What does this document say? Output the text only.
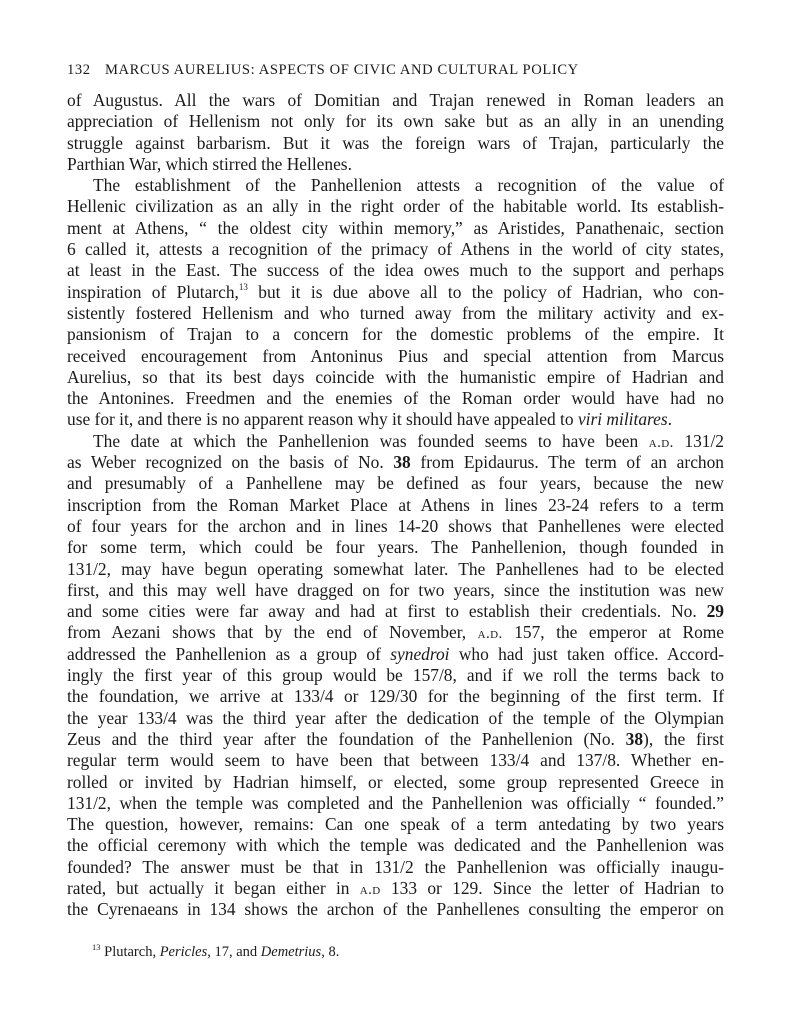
132 MARCUS AURELIUS: ASPECTS OF CIVIC AND CULTURAL POLICY
of Augustus. All the wars of Domitian and Trajan renewed in Roman leaders an
appreciation of Hellenism not only for its own sake but as an ally in an unending
struggle against barbarism. But it was the foreign wars of Trajan, particularly the
Parthian War, which stirred the Hellenes.
The establishment of the Panhellenion attests a recognition of the value of
Hellenic civilization as an ally in the right order of the habitable world. Its establish-
ment at Athens, “ the oldest city within memory,” as Aristides, Panathenaic, section
6 called it, attests a recognition of the primacy of Athens in the world of city states,
at least in the East. The success of the idea owes much to the support and perhaps
inspiration of Plutarch,$^{13}$ but it is due above all to the policy of Hadrian, who con-
sistently fostered Hellenism and who turned away from the military activity and ex-
pansionism of Trajan to a concern for the domestic problems of the empire. It
received encouragement from Antoninus Pius and special attention from Marcus
Aurelius, so that its best days coincide with the humanistic empire of Hadrian and
the Antonines. Freedmen and the enemies of the Roman order would have had no
use for it, and there is no apparent reason why it should have appealed to viri militares.
The date at which the Panhellenion was founded seems to have been a.d. 131/2
as Weber recognized on the basis of No. 38 from Epidaurus. The term of an archon
and presumably of a Panhellene may be defined as four years, because the new
inscription from the Roman Market Place at Athens in lines 23-24 refers to a term
of four years for the archon and in lines 14-20 shows that Panhellenes were elected
for some term, which could be four years. The Panhellenion, though founded in
131/2, may have begun operating somewhat later. The Panhellenes had to be elected
first, and this may well have dragged on for two years, since the institution was new
and some cities were far away and had at first to establish their credentials. No. 29
from Aezani shows that by the end of November, a.d. 157, the emperor at Rome
addressed the Panhellenion as a group of synedroi who had just taken office. Accord-
ingly the first year of this group would be 157/8, and if we roll the terms back to
the foundation, we arrive at 133/4 or 129/30 for the beginning of the first term. If
the year 133/4 was the third year after the dedication of the temple of the Olympian
Zeus and the third year after the foundation of the Panhellenion (No. 38), the first
regular term would seem to have been that between 133/4 and 137/8. Whether en-
rolled or invited by Hadrian himself, or elected, some group represented Greece in
131/2, when the temple was completed and the Panhellenion was officially “ founded.”
The question, however, remains: Can one speak of a term antedating by two years
the official ceremony with which the temple was dedicated and the Panhellenion was
founded? The answer must be that in 131/2 the Panhellenion was officially inaugu-
rated, but actually it began either in a.d 133 or 129. Since the letter of Hadrian to
the Cyrenaeans in 134 shows the archon of the Panhellenes consulting the emperor on
$^{13}$ Plutarch, Pericles, 17, and Demetrius, 8.
